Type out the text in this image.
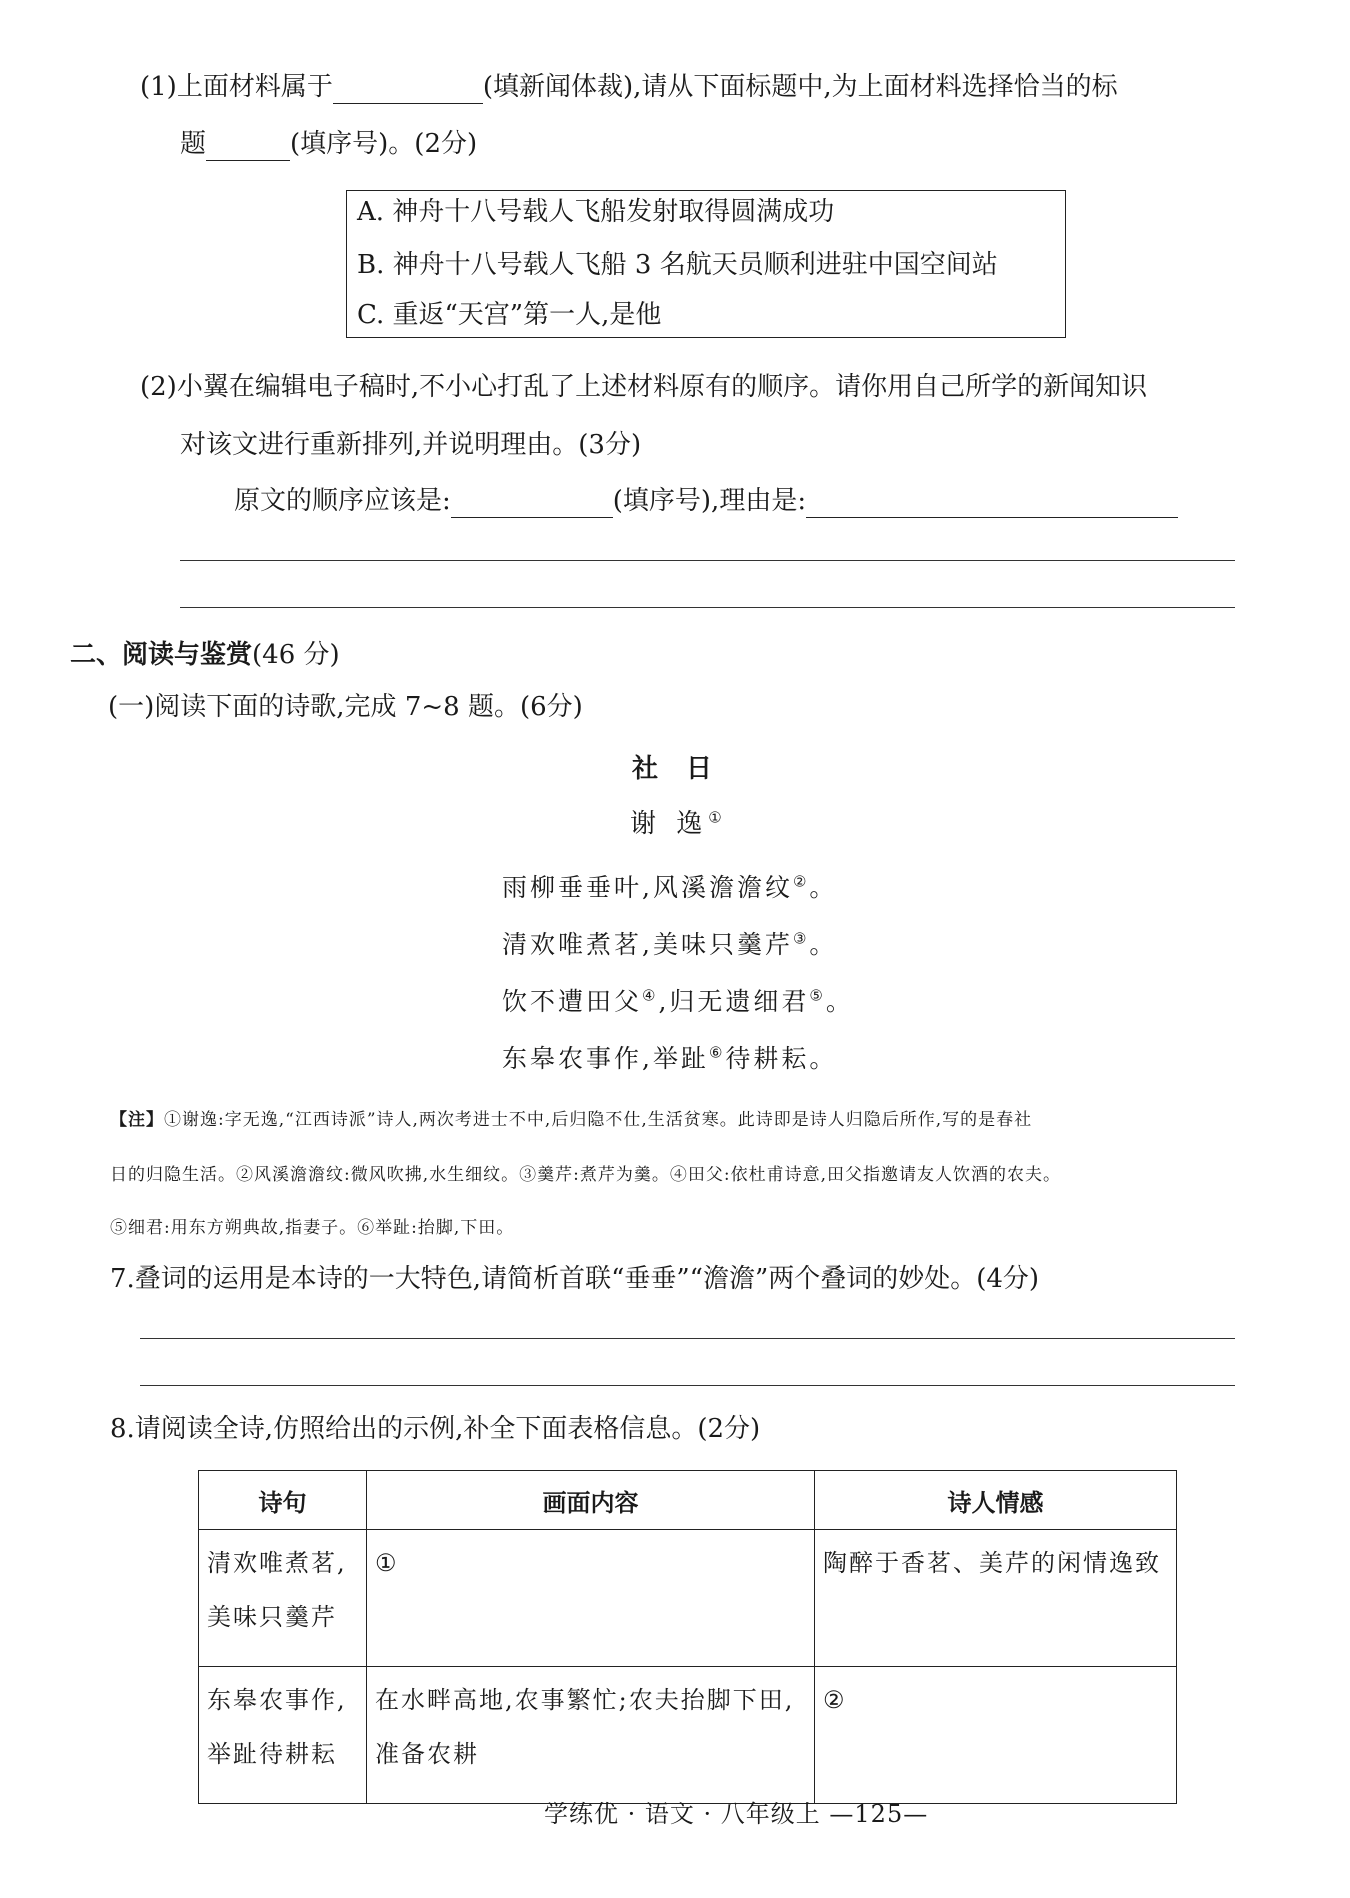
(1)上面材料属于	(填新闻体裁),请从下面标题中,为上面材料选择恰当的标
题	(填序号)。(2分)
A. 神舟十八号载人飞船发射取得圆满成功
B. 神舟十八号载人飞船 3 名航天员顺利进驻中国空间站
C. 重返“天宫”第一人,是他
(2)小翼在编辑电子稿时,不小心打乱了上述材料原有的顺序。请你用自己所学的新闻知识
对该文进行重新排列,并说明理由。(3分)
原文的顺序应该是:	(填序号),理由是:
二、阅读与鉴赏(46 分)
(一)阅读下面的诗歌,完成 7~8 题。(6分)
社日
谢 逸①
雨柳垂垂叶,风溪澹澹纹②。
清欢唯煮茗,美味只羹芹③。
饮不遭田父④,归无遗细君⑤。
东皋农事作,举趾⑥待耕耘。
【注】①谢逸:字无逸,“江西诗派”诗人,两次考进士不中,后归隐不仕,生活贫寒。此诗即是诗人归隐后所作,写的是春社
日的归隐生活。②风溪澹澹纹:微风吹拂,水生细纹。③羹芹:煮芹为羹。④田父:依杜甫诗意,田父指邀请友人饮酒的农夫。
⑤细君:用东方朔典故,指妻子。⑥举趾:抬脚,下田。
7.叠词的运用是本诗的一大特色,请简析首联“垂垂”“澹澹”两个叠词的妙处。(4分)
8.请阅读全诗,仿照给出的示例,补全下面表格信息。(2分)
诗句	画面内容	诗人情感
清欢唯煮茗,美味只羹芹	①	陶醉于香茗、美芹的闲情逸致
东皋农事作,举趾待耕耘	在水畔高地,农事繁忙;农夫抬脚下田,准备农耕	②
学练优 · 语文 · 八年级上 —125—
